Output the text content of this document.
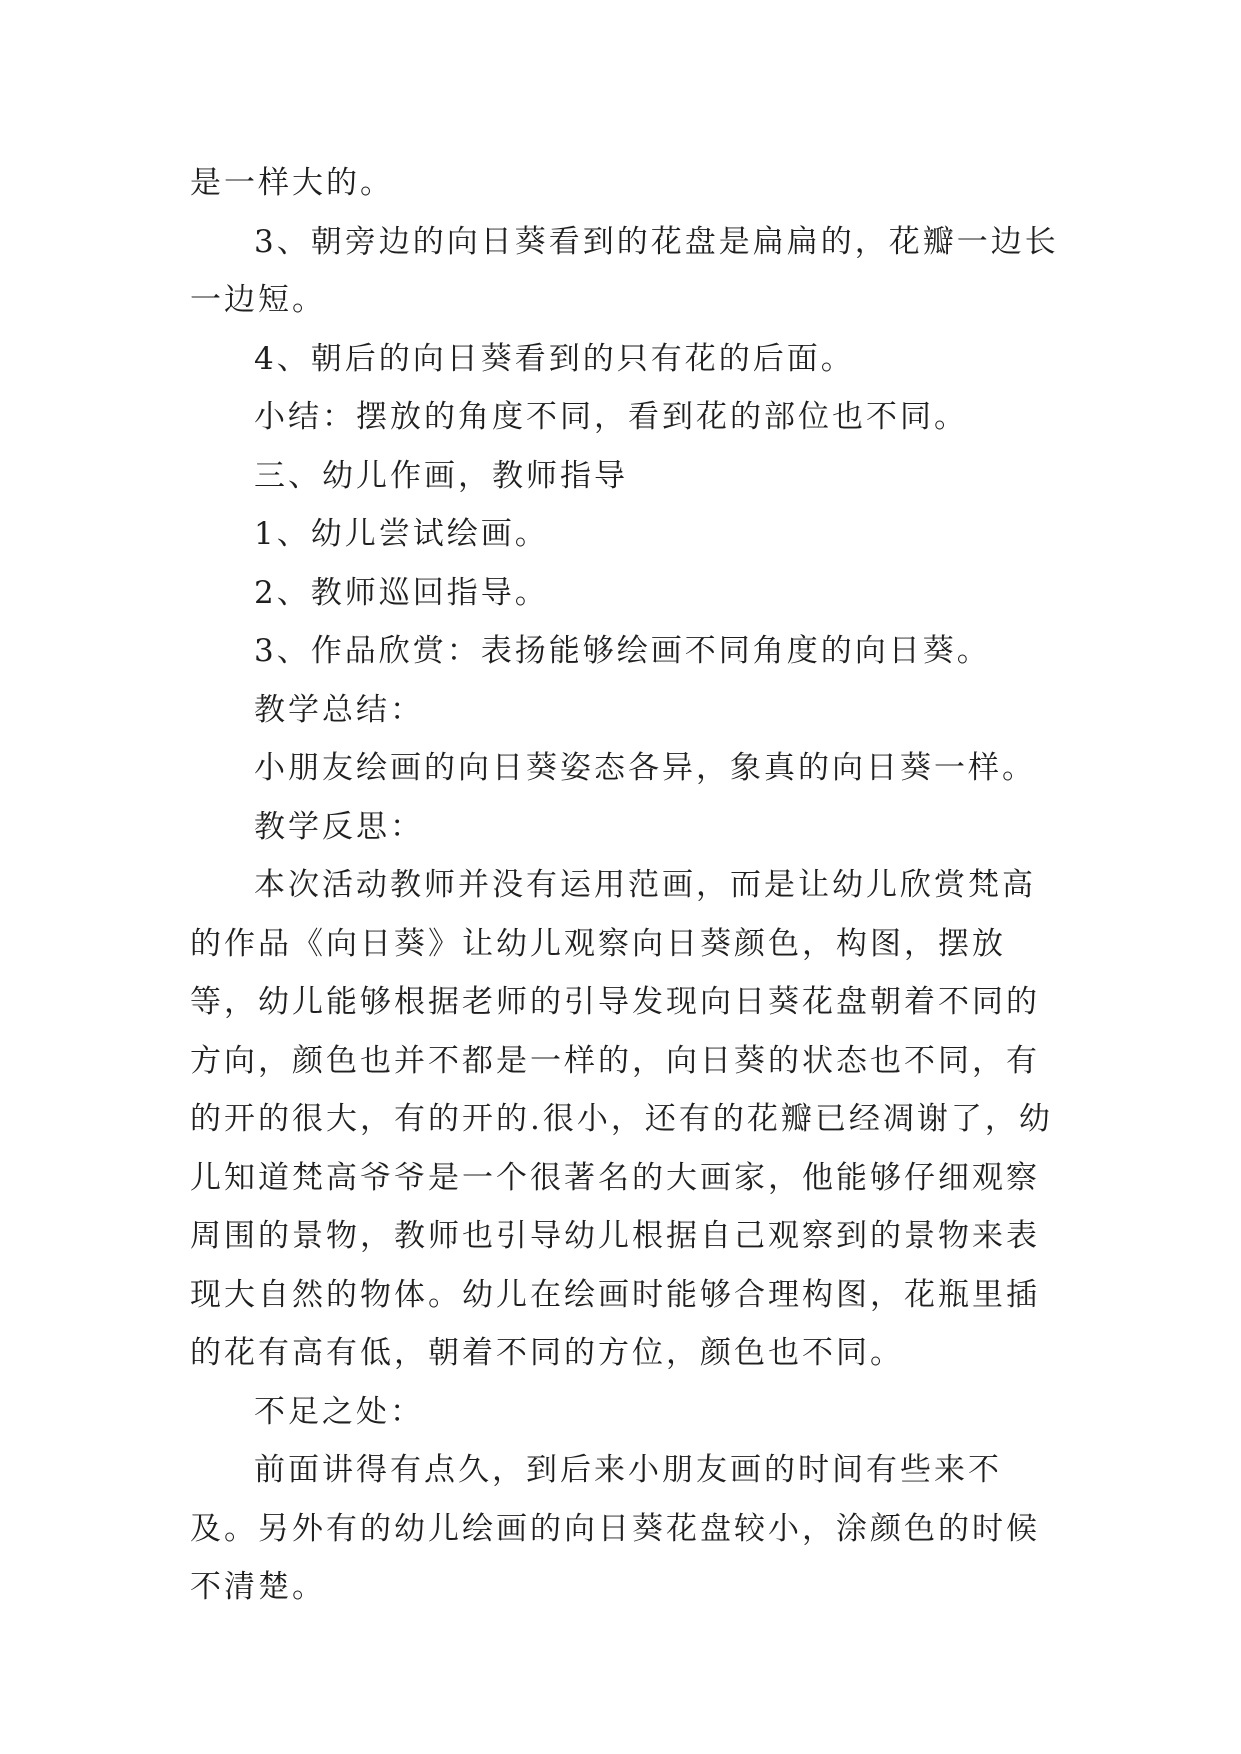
是一样大的。

3、朝旁边的向日葵看到的花盘是扁扁的，花瓣一边长一边短。

4、朝后的向日葵看到的只有花的后面。

小结：摆放的角度不同，看到花的部位也不同。

三、幼儿作画，教师指导

1、幼儿尝试绘画。

2、教师巡回指导。

3、作品欣赏：表扬能够绘画不同角度的向日葵。

教学总结：

小朋友绘画的向日葵姿态各异，象真的向日葵一样。

教学反思：

本次活动教师并没有运用范画，而是让幼儿欣赏梵高的作品《向日葵》让幼儿观察向日葵颜色，构图，摆放等，幼儿能够根据老师的引导发现向日葵花盘朝着不同的方向，颜色也并不都是一样的，向日葵的状态也不同，有的开的很大，有的开的.很小，还有的花瓣已经凋谢了，幼儿知道梵高爷爷是一个很著名的大画家，他能够仔细观察周围的景物，教师也引导幼儿根据自己观察到的景物来表现大自然的物体。幼儿在绘画时能够合理构图，花瓶里插的花有高有低，朝着不同的方位，颜色也不同。

不足之处：

前面讲得有点久，到后来小朋友画的时间有些来不及。另外有的幼儿绘画的向日葵花盘较小，涂颜色的时候不清楚。
